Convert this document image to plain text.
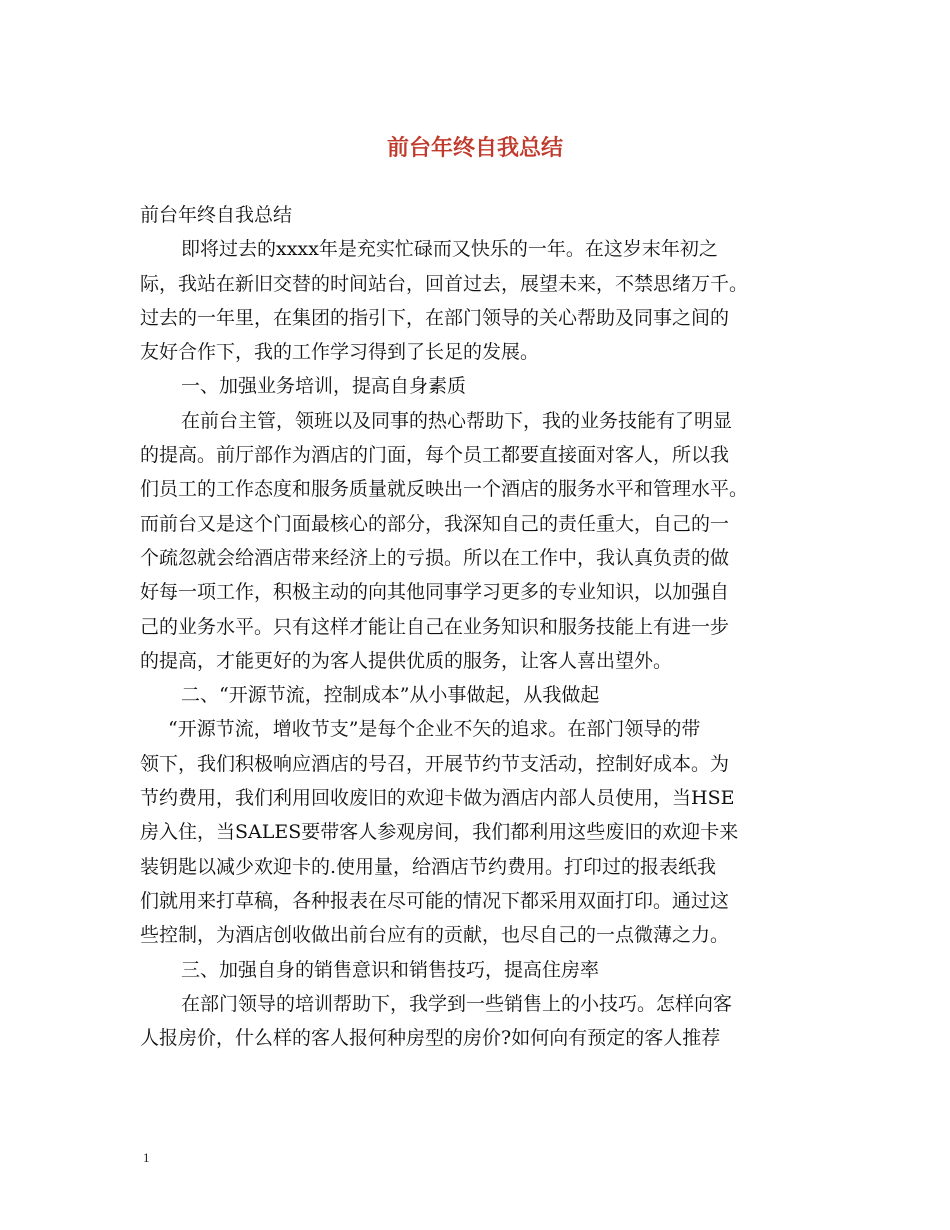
前台年终自我总结
前台年终自我总结
即将过去的xxxx年是充实忙碌而又快乐的一年。在这岁末年初之
际，我站在新旧交替的时间站台，回首过去，展望未来，不禁思绪万千。
过去的一年里，在集团的指引下，在部门领导的关心帮助及同事之间的
友好合作下，我的工作学习得到了长足的发展。
一、加强业务培训，提高自身素质
在前台主管，领班以及同事的热心帮助下，我的业务技能有了明显
的提高。前厅部作为酒店的门面，每个员工都要直接面对客人，所以我
们员工的工作态度和服务质量就反映出一个酒店的服务水平和管理水平。
而前台又是这个门面最核心的部分，我深知自己的责任重大，自己的一
个疏忽就会给酒店带来经济上的亏损。所以在工作中，我认真负责的做
好每一项工作，积极主动的向其他同事学习更多的专业知识，以加强自
己的业务水平。只有这样才能让自己在业务知识和服务技能上有进一步
的提高，才能更好的为客人提供优质的服务，让客人喜出望外。
二、“开源节流，控制成本”从小事做起，从我做起
“开源节流，增收节支”是每个企业不矢的追求。在部门领导的带
领下，我们积极响应酒店的号召，开展节约节支活动，控制好成本。为
节约费用，我们利用回收废旧的欢迎卡做为酒店内部人员使用，当HSE
房入住，当SALES要带客人参观房间，我们都利用这些废旧的欢迎卡来
装钥匙以减少欢迎卡的.使用量，给酒店节约费用。打印过的报表纸我
们就用来打草稿，各种报表在尽可能的情况下都采用双面打印。通过这
些控制，为酒店创收做出前台应有的贡献，也尽自己的一点微薄之力。
三、加强自身的销售意识和销售技巧，提高住房率
在部门领导的培训帮助下，我学到一些销售上的小技巧。怎样向客
人报房价，什么样的客人报何种房型的房价?如何向有预定的客人推荐
1
